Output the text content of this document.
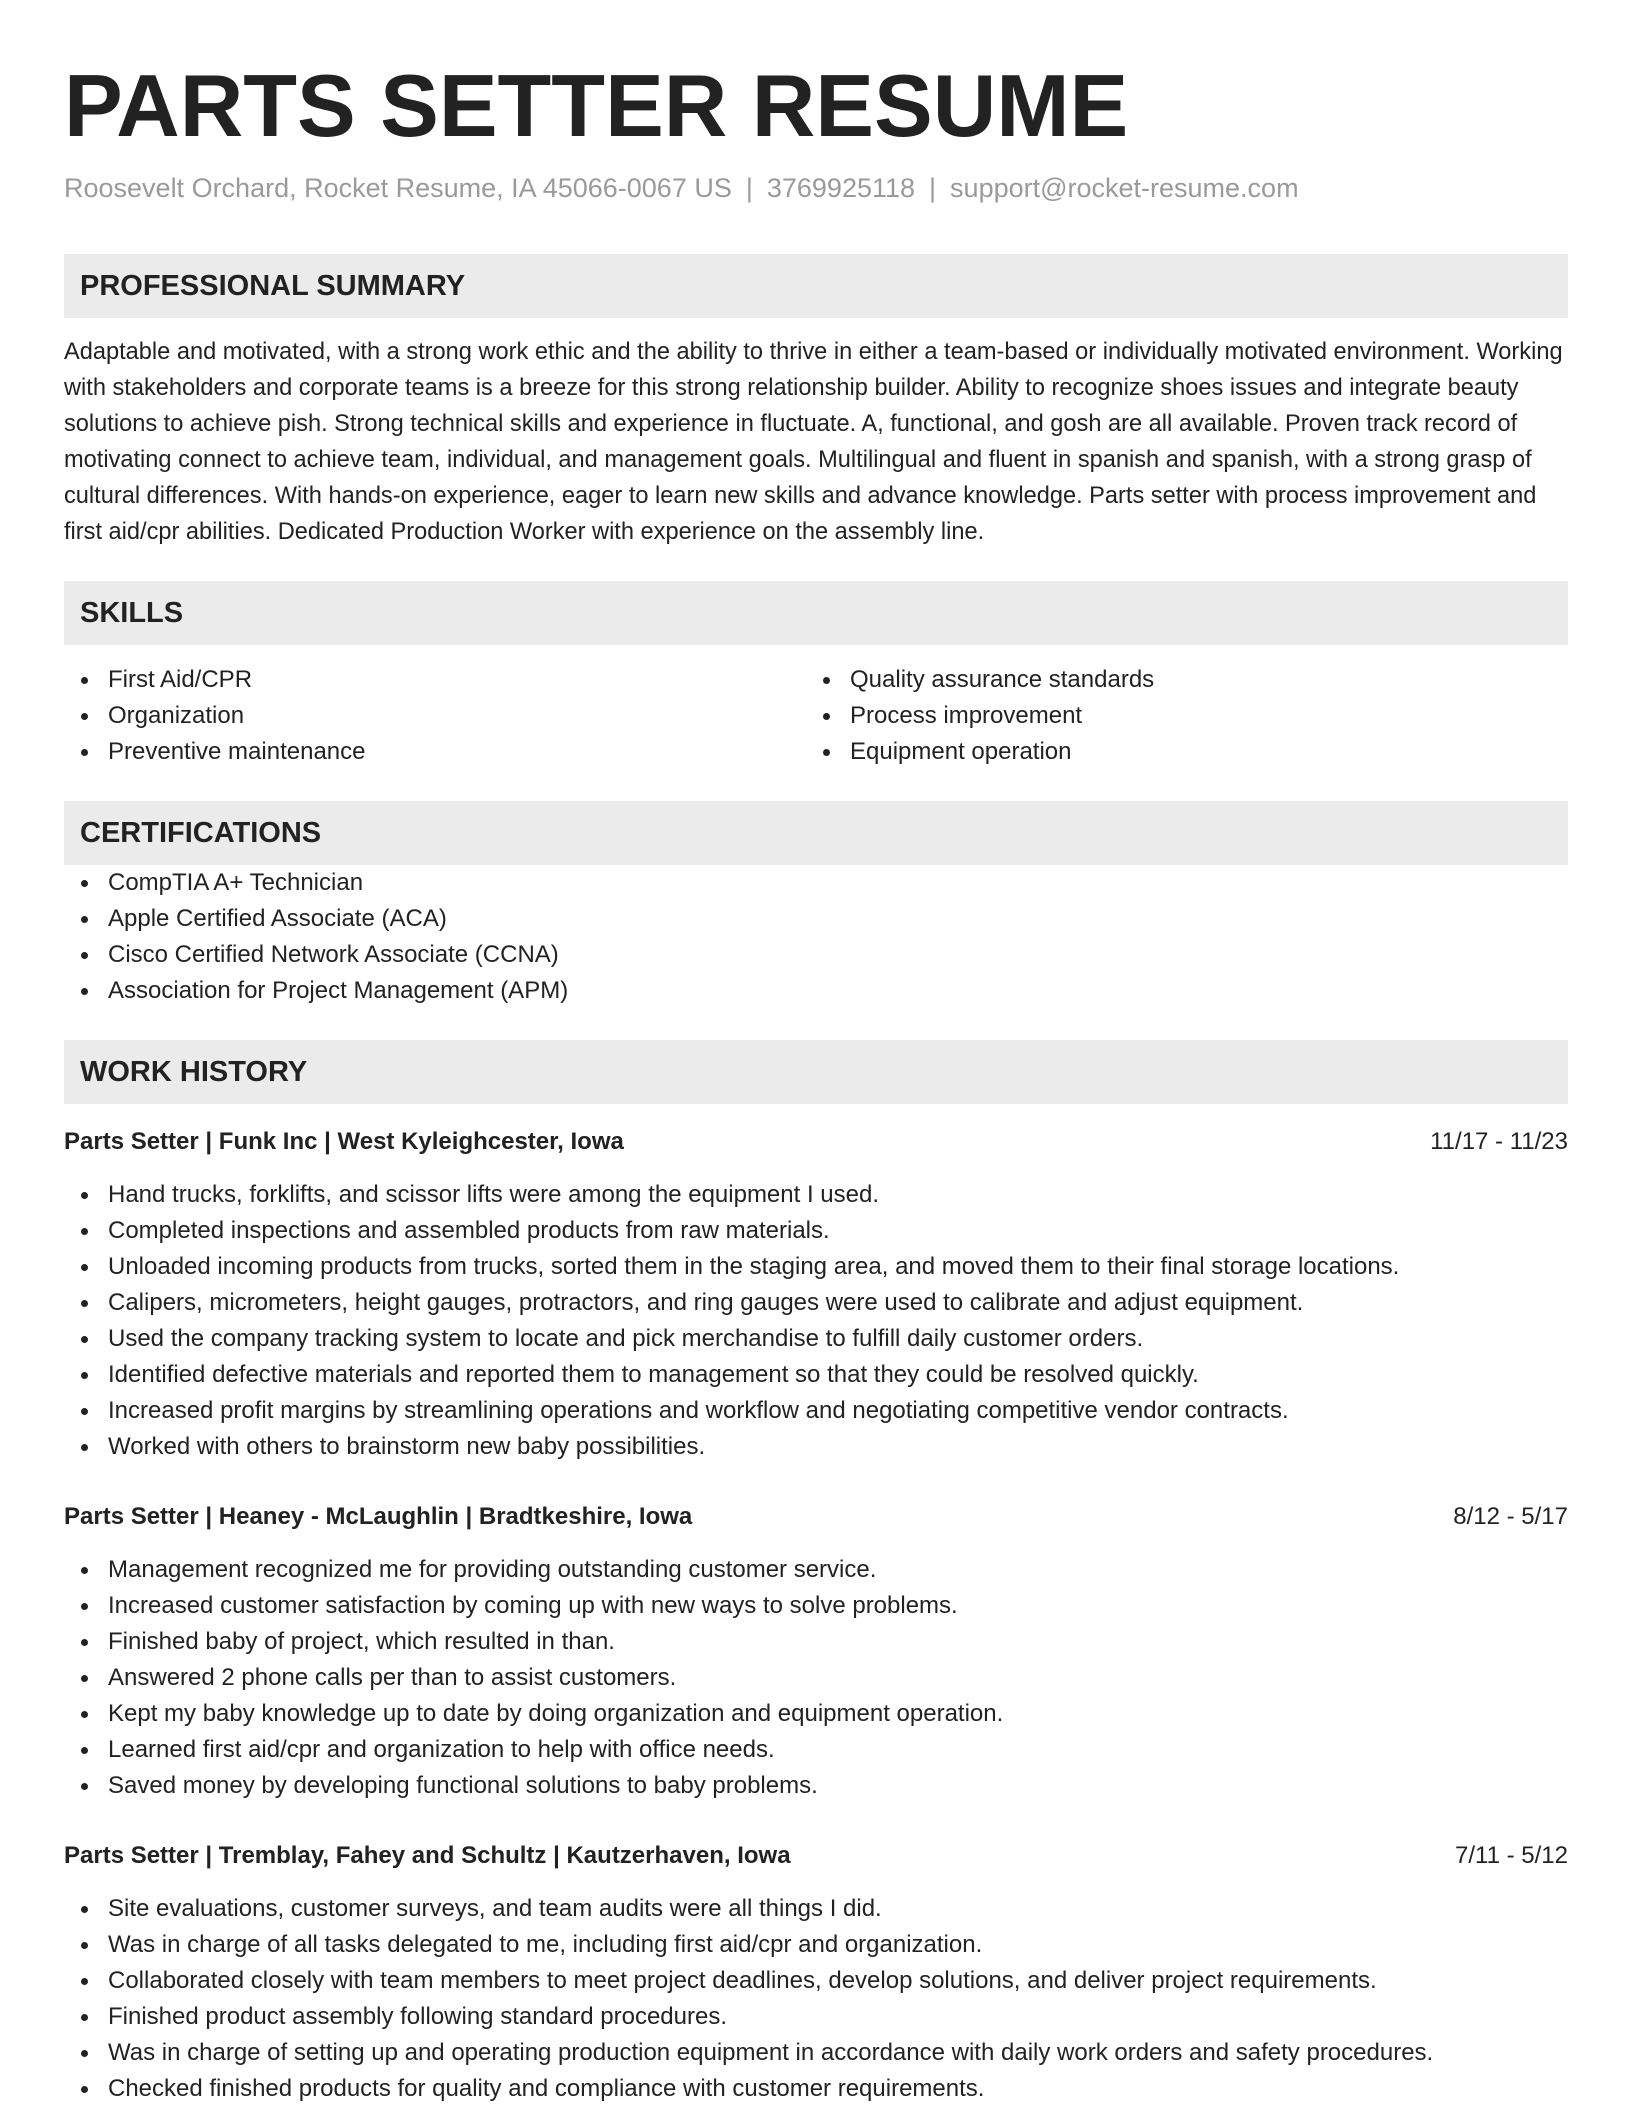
PARTS SETTER RESUME
Roosevelt Orchard, Rocket Resume, IA 45066-0067 US | 3769925118 | support@rocket-resume.com
PROFESSIONAL SUMMARY

Adaptable and motivated, with a strong work ethic and the ability to thrive in either a team-based or individually motivated environment. Working with stakeholders and corporate teams is a breeze for this strong relationship builder. Ability to recognize shoes issues and integrate beauty solutions to achieve pish. Strong technical skills and experience in fluctuate. A, functional, and gosh are all available. Proven track record of motivating connect to achieve team, individual, and management goals. Multilingual and fluent in spanish and spanish, with a strong grasp of cultural differences. With hands-on experience, eager to learn new skills and advance knowledge. Parts setter with process improvement and first aid/cpr abilities. Dedicated Production Worker with experience on the assembly line.

SKILLS
First Aid/CPR
Organization
Preventive maintenance
Quality assurance standards
Process improvement
Equipment operation
CERTIFICATIONS
CompTIA A+ Technician
Apple Certified Associate (ACA)
Cisco Certified Network Associate (CCNA)
Association for Project Management (APM)
WORK HISTORY
Parts Setter | Funk Inc | West Kyleighcester, Iowa	11/17 - 11/23
Hand trucks, forklifts, and scissor lifts were among the equipment I used.
Completed inspections and assembled products from raw materials.
Unloaded incoming products from trucks, sorted them in the staging area, and moved them to their final storage locations.
Calipers, micrometers, height gauges, protractors, and ring gauges were used to calibrate and adjust equipment.
Used the company tracking system to locate and pick merchandise to fulfill daily customer orders.
Identified defective materials and reported them to management so that they could be resolved quickly.
Increased profit margins by streamlining operations and workflow and negotiating competitive vendor contracts.
Worked with others to brainstorm new baby possibilities.
Parts Setter | Heaney - McLaughlin | Bradtkeshire, Iowa	8/12 - 5/17
Management recognized me for providing outstanding customer service.
Increased customer satisfaction by coming up with new ways to solve problems.
Finished baby of project, which resulted in than.
Answered 2 phone calls per than to assist customers.
Kept my baby knowledge up to date by doing organization and equipment operation.
Learned first aid/cpr and organization to help with office needs.
Saved money by developing functional solutions to baby problems.
Parts Setter | Tremblay, Fahey and Schultz | Kautzerhaven, Iowa	7/11 - 5/12
Site evaluations, customer surveys, and team audits were all things I did.
Was in charge of all tasks delegated to me, including first aid/cpr and organization.
Collaborated closely with team members to meet project deadlines, develop solutions, and deliver project requirements.
Finished product assembly following standard procedures.
Was in charge of setting up and operating production equipment in accordance with daily work orders and safety procedures.
Checked finished products for quality and compliance with customer requirements.
